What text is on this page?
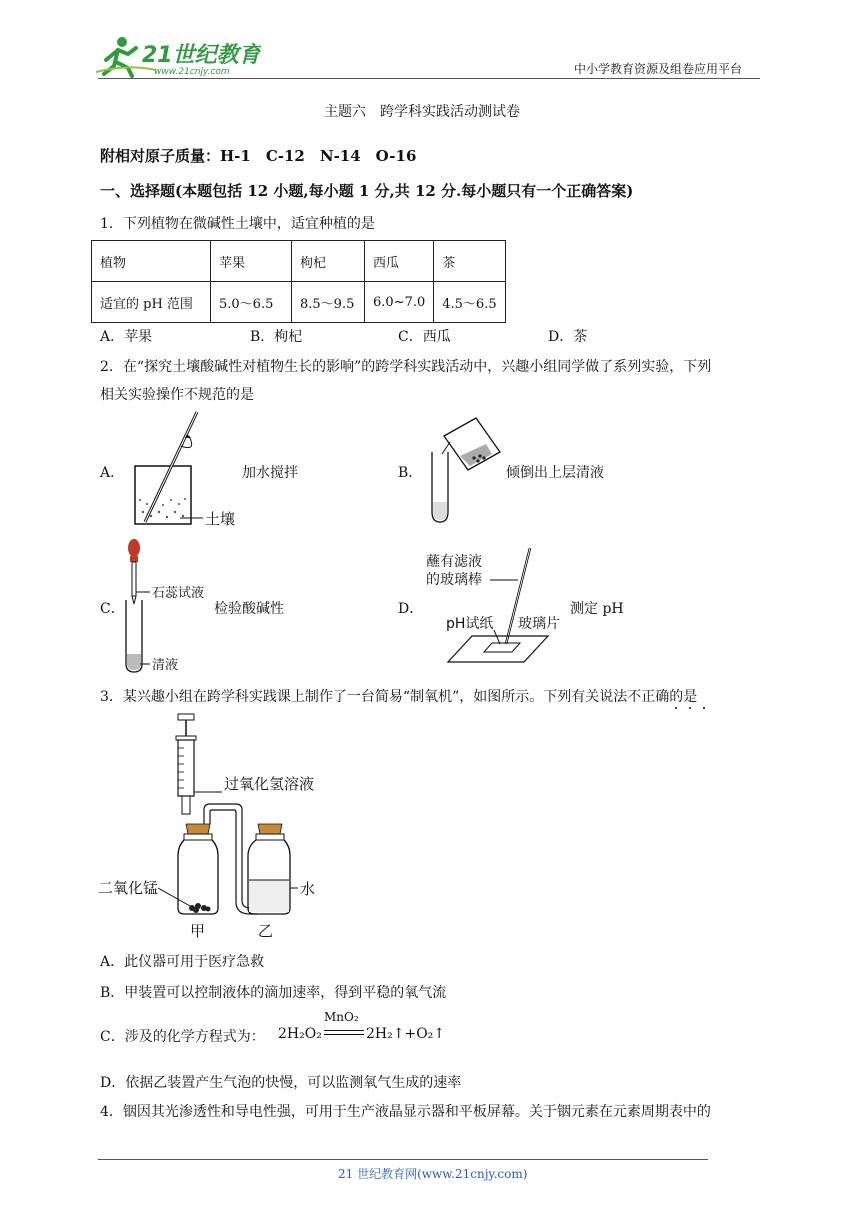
21世纪教育
www.21cnjy.com	中小学教育资源及组卷应用平台
主题六　跨学科实践活动测试卷
附相对原子质量：H-1　C-12　N-14　O-16
一、选择题(本题包括 12 小题,每小题 1 分,共 12 分.每小题只有一个正确答案)
1．下列植物在微碱性土壤中，适宜种植的是
植物	苹果	枸杞	西瓜	茶
适宜的 pH 范围	5.0～6.5	8.5～9.5	6.0~7.0	4.5～6.5
A．苹果	B．枸杞	C．西瓜	D．茶
2．在“探究土壤酸碱性对植物生长的影响”的跨学科实践活动中，兴趣小组同学做了系列实验，下列
相关实验操作不规范的是
A．
土壤
加水搅拌	B．	倾倒出上层清液
C．
石蕊试液
清液
检验酸碱性	D．
蘸有滤液
的玻璃棒
pH试纸 玻璃片
测定 pH
3．某兴趣小组在跨学科实践课上制作了一台简易“制氧机”，如图所示。下列有关说法不正确的是
过氧化氢溶液
二氧化锰	水
甲	乙
A．此仪器可用于医疗急救
B．甲装置可以控制液体的滴加速率，得到平稳的氧气流
C．涉及的化学方程式为： 2H₂O₂
MnO₂
2H₂↑+O₂↑
D．依据乙装置产生气泡的快慢，可以监测氧气生成的速率
4．铟因其光渗透性和导电性强，可用于生产液晶显示器和平板屏幕。关于铟元素在元素周期表中的
21 世纪教育网(www.21cnjy.com)
